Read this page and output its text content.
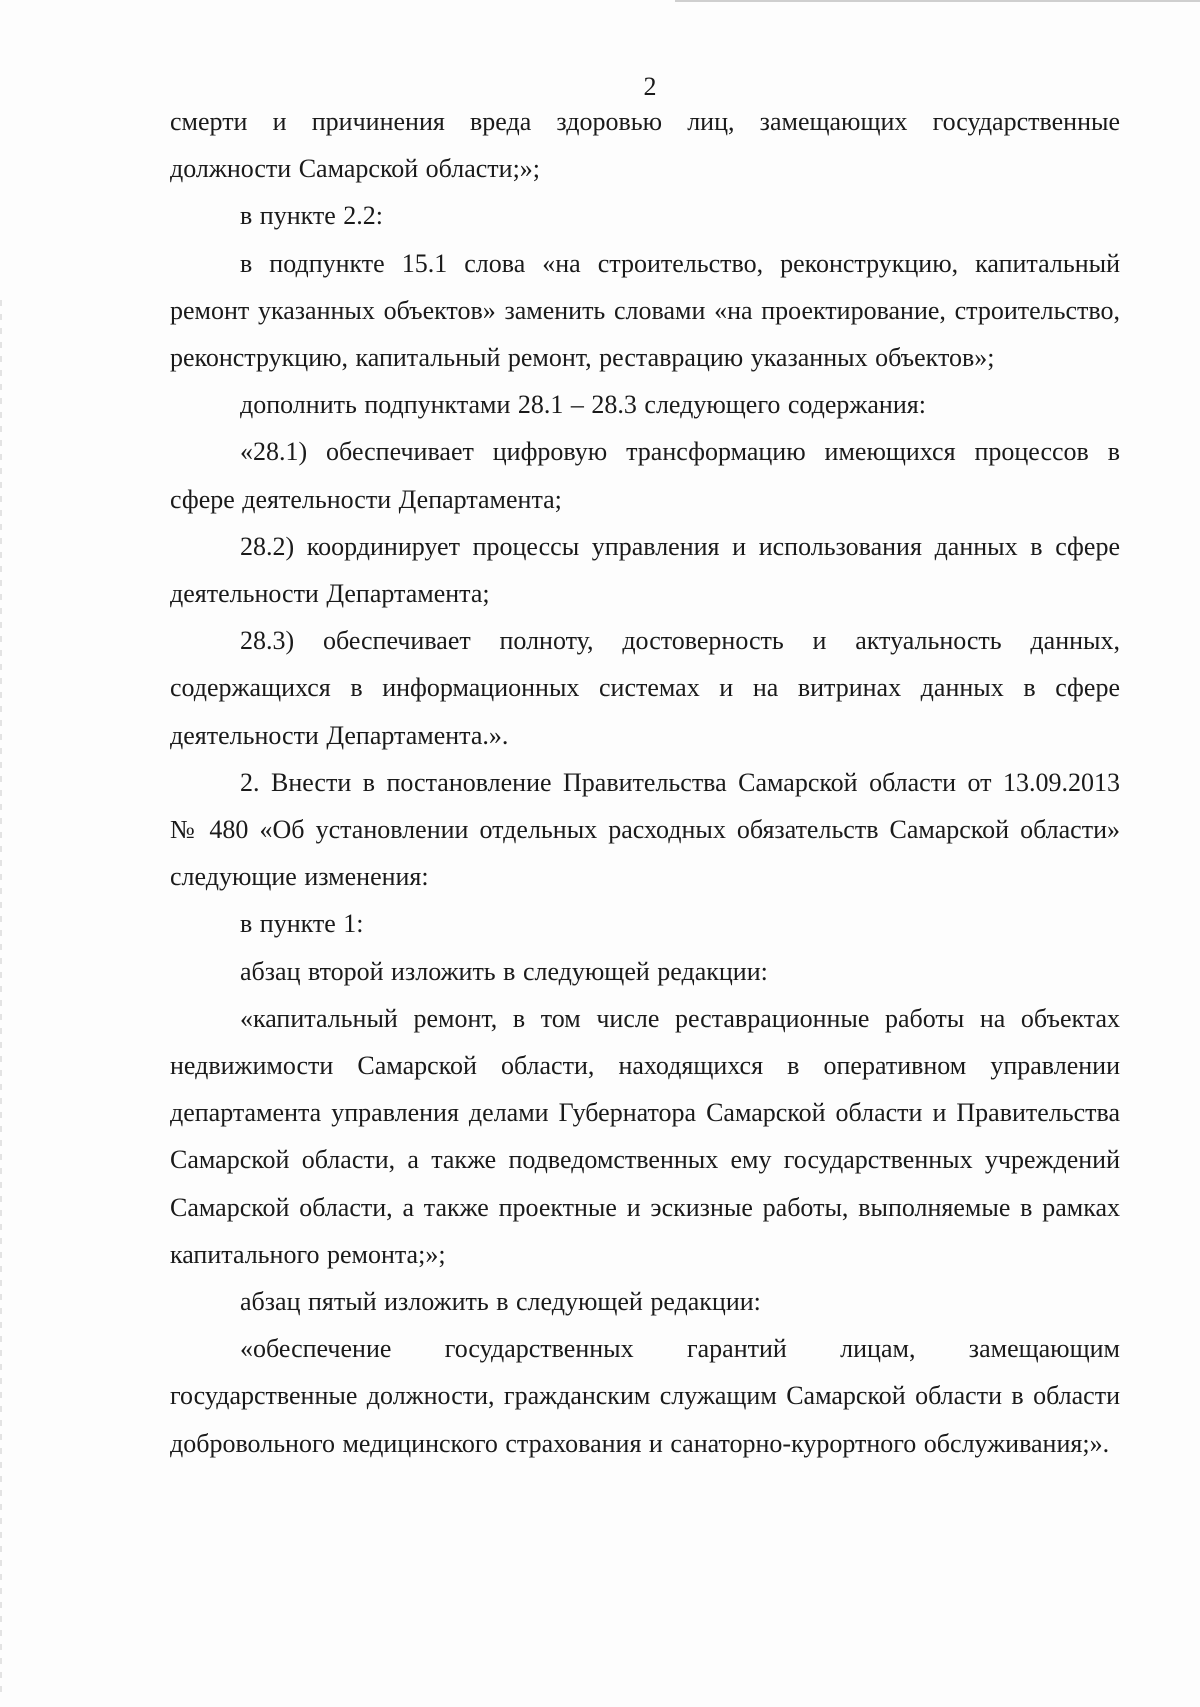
2

смерти и причинения вреда здоровью лиц, замещающих государственные должности Самарской области;»;

в пункте 2.2:

в подпункте 15.1 слова «на строительство, реконструкцию, капитальный ремонт указанных объектов» заменить словами «на проектирование, строительство, реконструкцию, капитальный ремонт, реставрацию указанных объектов»;

дополнить подпунктами 28.1 – 28.3 следующего содержания:

«28.1) обеспечивает цифровую трансформацию имеющихся процессов в сфере деятельности Департамента;

28.2) координирует процессы управления и использования данных в сфере деятельности Департамента;

28.3) обеспечивает полноту, достоверность и актуальность данных, содержащихся в информационных системах и на витринах данных в сфере деятельности Департамента.».

2. Внести в постановление Правительства Самарской области от 13.09.2013 № 480 «Об установлении отдельных расходных обязательств Самарской области» следующие изменения:

в пункте 1:

абзац второй изложить в следующей редакции:

«капитальный ремонт, в том числе реставрационные работы на объектах недвижимости Самарской области, находящихся в оперативном управлении департамента управления делами Губернатора Самарской области и Правительства Самарской области, а также подведомственных ему государственных учреждений Самарской области, а также проектные и эскизные работы, выполняемые в рамках капитального ремонта;»;

абзац пятый изложить в следующей редакции:

«обеспечение государственных гарантий лицам, замещающим государственные должности, гражданским служащим Самарской области в области добровольного медицинского страхования и санаторно-курортного обслуживания;».
